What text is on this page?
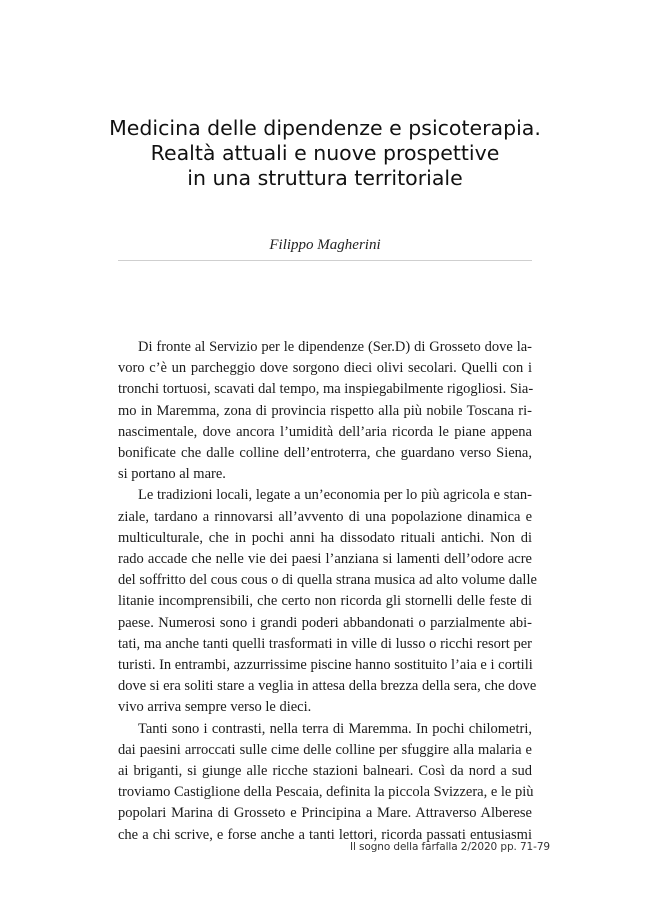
Medicina delle dipendenze e psicoterapia.
Realtà attuali e nuove prospettive
in una struttura territoriale
Filippo Magherini

Di fronte al Servizio per le dipendenze (Ser.D) di Grosseto dove la-
voro c’è un parcheggio dove sorgono dieci olivi secolari. Quelli con i
tronchi tortuosi, scavati dal tempo, ma inspiegabilmente rigogliosi. Sia-
mo in Maremma, zona di provincia rispetto alla più nobile Toscana ri-
nascimentale, dove ancora l’umidità dell’aria ricorda le piane appena
bonificate che dalle colline dell’entroterra, che guardano verso Siena,
si portano al mare.

Le tradizioni locali, legate a un’economia per lo più agricola e stan-
ziale, tardano a rinnovarsi all’avvento di una popolazione dinamica e
multiculturale, che in pochi anni ha dissodato rituali antichi. Non di
rado accade che nelle vie dei paesi l’anziana si lamenti dell’odore acre
del soffritto del cous cous o di quella strana musica ad alto volume dalle
litanie incomprensibili, che certo non ricorda gli stornelli delle feste di
paese. Numerosi sono i grandi poderi abbandonati o parzialmente abi-
tati, ma anche tanti quelli trasformati in ville di lusso o ricchi resort per
turisti. In entrambi, azzurrissime piscine hanno sostituito l’aia e i cortili
dove si era soliti stare a veglia in attesa della brezza della sera, che dove
vivo arriva sempre verso le dieci.

Tanti sono i contrasti, nella terra di Maremma. In pochi chilometri,
dai paesini arroccati sulle cime delle colline per sfuggire alla malaria e
ai briganti, si giunge alle ricche stazioni balneari. Così da nord a sud
troviamo Castiglione della Pescaia, definita la piccola Svizzera, e le più
popolari Marina di Grosseto e Principina a Mare. Attraverso Alberese
che a chi scrive, e forse anche a tanti lettori, ricorda passati entusiasmi

Il sogno della farfalla 2/2020 pp. 71-79
